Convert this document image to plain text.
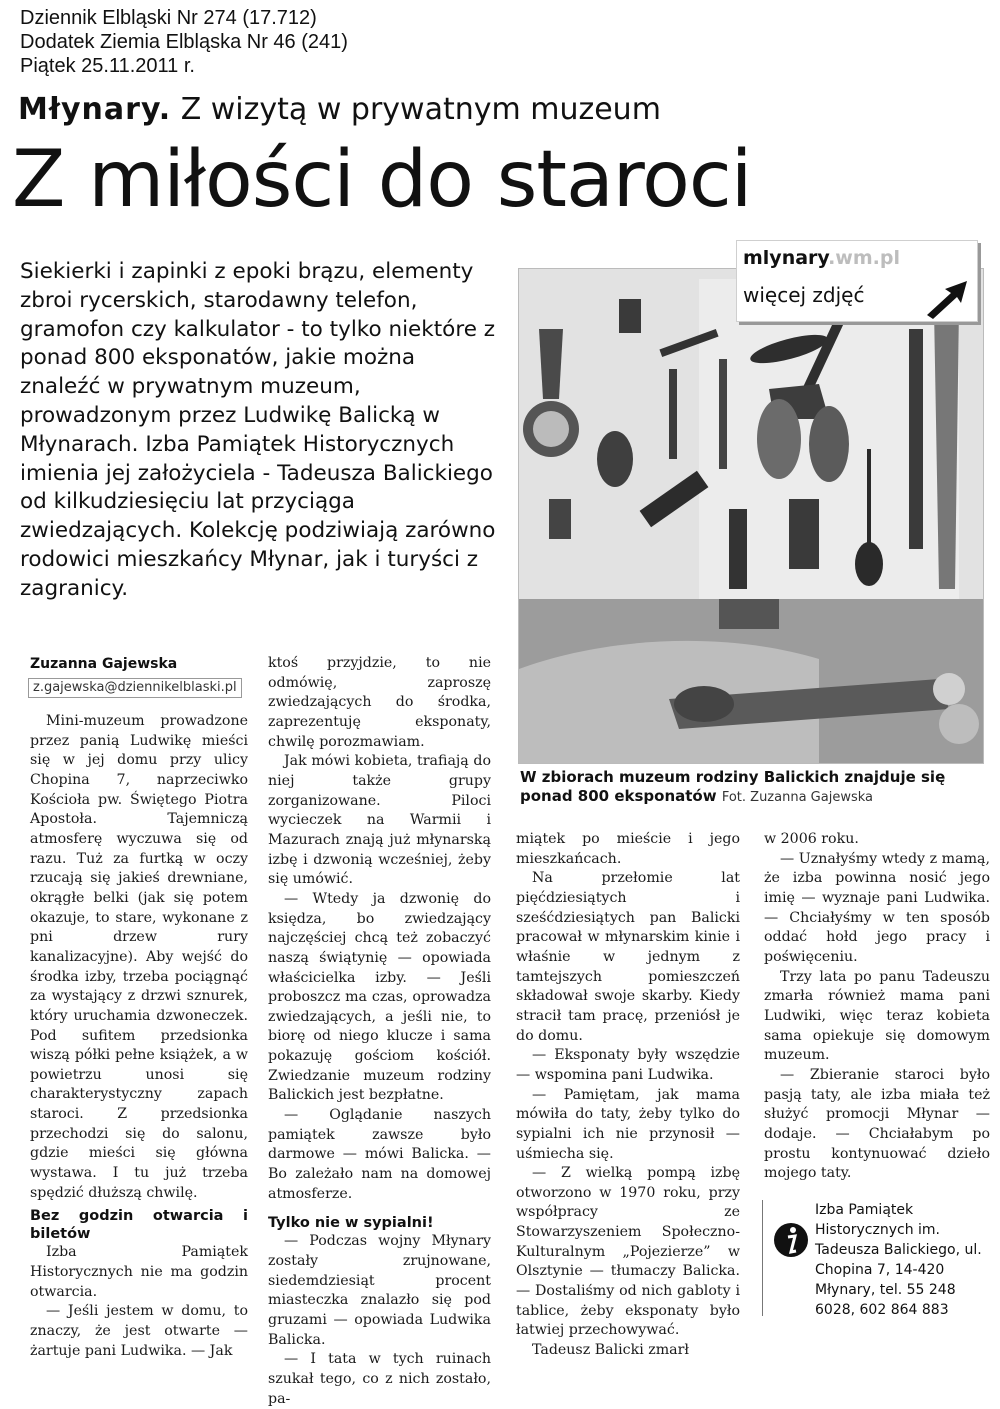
Dziennik Elbląski Nr 274 (17.712)
Dodatek Ziemia Elbląska Nr 46 (241)
Piątek 25.11.2011 r.
Młynary. Z wizytą w prywatnym muzeum
Z miłości do staroci

Siekierki i zapinki z epoki brązu, elementy zbroi rycerskich, starodawny telefon, gramofon czy kalkulator - to tylko niektóre z ponad 800 eksponatów, jakie można znaleźć w prywatnym muzeum, prowadzonym przez Ludwikę Balicką w Młynarach. Izba Pamiątek Historycznych imienia jej założyciela - Tadeusza Balickiego od kilkudziesięciu lat przyciąga zwiedzających. Kolekcję podziwiają zarówno rodowici mieszkańcy Młynar, jak i turyści z zagranicy.

mlynary.wm.pl
więcej zdjęć

W zbiorach muzeum rodziny Balickich znajduje się ponad 800 eksponatów Fot. Zuzanna Gajewska

Zuzanna Gajewska
z.gajewska@dziennikelblaski.pl

Mini-muzeum prowadzone przez panią Ludwikę mieści się w jej domu przy ulicy Chopina 7, naprzeciwko Kościoła pw. Świętego Piotra Apostoła. Tajemniczą atmosferę wyczuwa się od razu. Tuż za furtką w oczy rzucają się jakieś drewniane, okrągłe belki (jak się potem okazuje, to stare, wykonane z pni drzew rury kanalizacyjne). Aby wejść do środka izby, trzeba pociągnąć za wystający z drzwi sznurek, który uruchamia dzwoneczek. Pod sufitem przedsionka wiszą półki pełne książek, a w powietrzu unosi się charakterystyczny zapach staroci. Z przedsionka przechodzi się do salonu, gdzie mieści się główna wystawa. I tu już trzeba spędzić dłuższą chwilę.

Bez godzin otwarcia i biletów

Izba Pamiątek Historycznych nie ma godzin otwarcia.

— Jeśli jestem w domu, to znaczy, że jest otwarte — żartuje pani Ludwika. — Jak

ktoś przyjdzie, to nie odmówię, zaproszę zwiedzających do środka, zaprezentuję eksponaty, chwilę porozmawiam.

Jak mówi kobieta, trafiają do niej także grupy zorganizowane. Piloci wycieczek na Warmii i Mazurach znają już młynarską izbę i dzwonią wcześniej, żeby się umówić.

— Wtedy ja dzwonię do księdza, bo zwiedzający najczęściej chcą też zobaczyć naszą świątynię — opowiada właścicielka izby. — Jeśli proboszcz ma czas, oprowadza zwiedzających, a jeśli nie, to biorę od niego klucze i sama pokazuję gościom kościół. Zwiedzanie muzeum rodziny Balickich jest bezpłatne.

— Oglądanie naszych pamiątek zawsze było darmowe — mówi Balicka. — Bo zależało nam na domowej atmosferze.

Tylko nie w sypialni!

— Podczas wojny Młynary zostały zrujnowane, siedemdziesiąt procent miasteczka znalazło się pod gruzami — opowiada Ludwika Balicka.

— I tata w tych ruinach szukał tego, co z nich zostało, pa-

miątek po mieście i jego mieszkańcach.

Na przełomie lat pięćdziesiątych i sześćdziesiątych pan Balicki pracował w młynarskim kinie i właśnie w jednym z tamtejszych pomieszczeń składował swoje skarby. Kiedy stracił tam pracę, przeniósł je do domu.

— Eksponaty były wszędzie — wspomina pani Ludwika.

— Pamiętam, jak mama mówiła do taty, żeby tylko do sypialni ich nie przynosił — uśmiecha się.

— Z wielką pompą izbę otworzono w 1970 roku, przy współpracy ze Stowarzyszeniem Społeczno-Kulturalnym „Pojezierze” w Olsztynie — tłumaczy Balicka. — Dostaliśmy od nich gabloty i tablice, żeby eksponaty było łatwiej przechowywać.

Tadeusz Balicki zmarł

w 2006 roku.

— Uznałyśmy wtedy z mamą, że izba powinna nosić jego imię — wyznaje pani Ludwika. — Chciałyśmy w ten sposób oddać hołd jego pracy i poświęceniu.

Trzy lata po panu Tadeuszu zmarła również mama pani Ludwiki, więc teraz kobieta sama opiekuje się domowym muzeum.

— Zbieranie staroci było pasją taty, ale izba miała też służyć promocji Młynar — dodaje. — Chciałabym po prostu kontynuować dzieło mojego taty.

Izba Pamiątek Historycznych im. Tadeusza Balickiego, ul. Chopina 7, 14-420 Młynary, tel. 55 248 6028, 602 864 883
